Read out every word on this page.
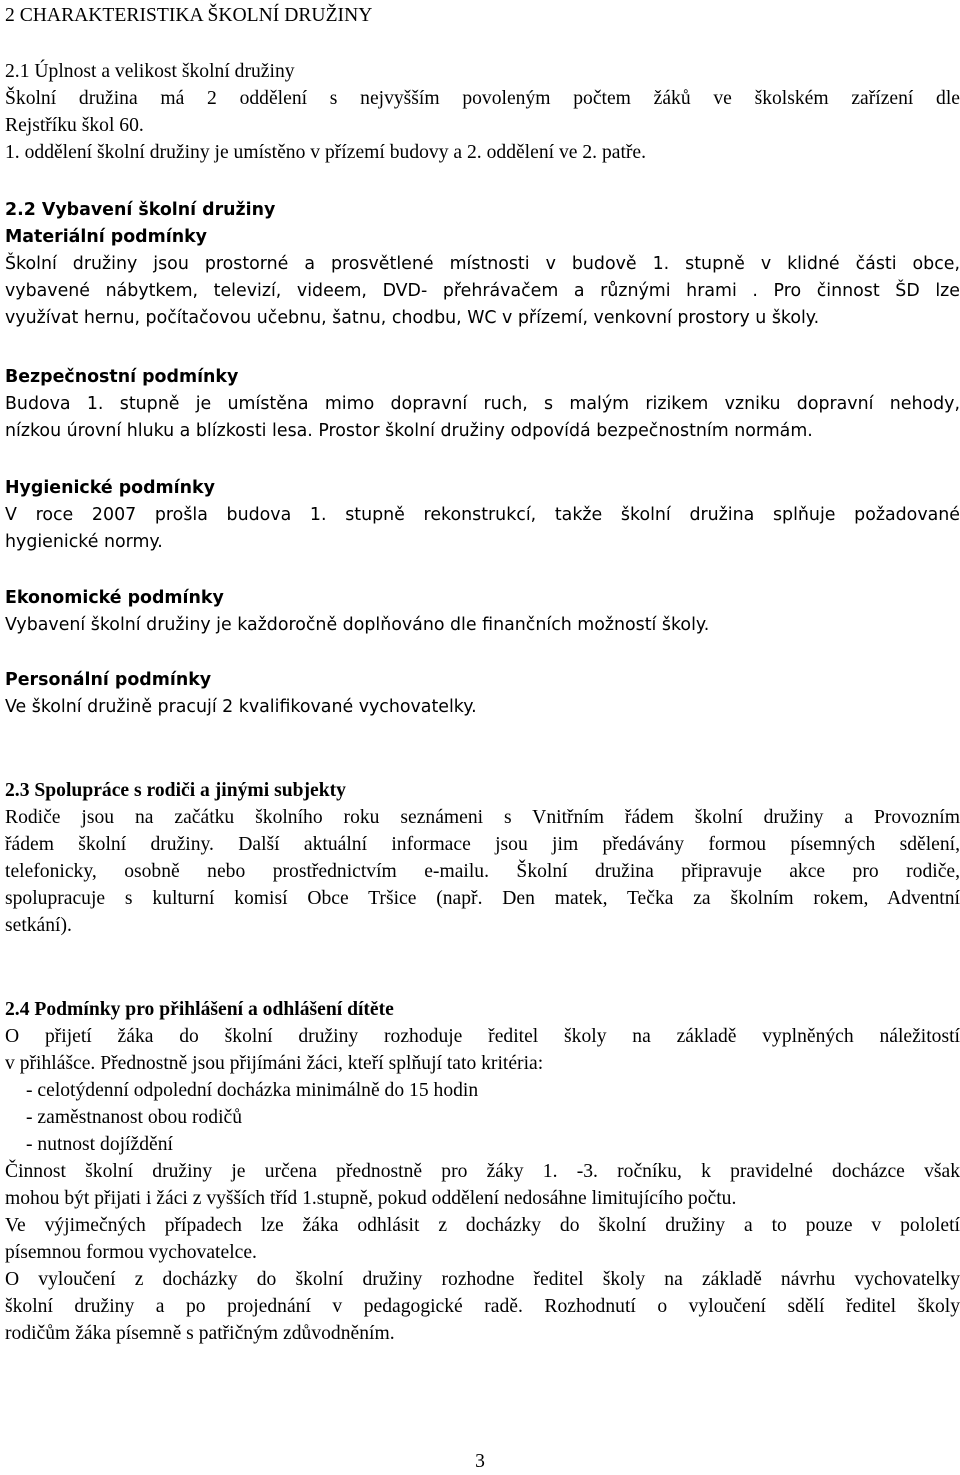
2 CHARAKTERISTIKA ŠKOLNÍ DRUŽINY
2.1 Úplnost a velikost školní družiny
Školní družina má 2 oddělení s nejvyšším povoleným počtem žáků ve školském zařízení dle
Rejstříku škol 60.
1. oddělení školní družiny je umístěno v přízemí budovy a 2. oddělení ve 2. patře.
2.2 Vybavení školní družiny
Materiální podmínky
Školní družiny jsou prostorné a prosvětlené místnosti v budově 1. stupně v klidné části obce,
vybavené nábytkem, televizí, videem, DVD- přehrávačem a různými hrami . Pro činnost ŠD lze
využívat hernu, počítačovou učebnu, šatnu, chodbu, WC v přízemí, venkovní prostory u školy.
Bezpečnostní podmínky
Budova 1. stupně je umístěna mimo dopravní ruch, s malým rizikem vzniku dopravní nehody,
nízkou úrovní hluku a blízkosti lesa. Prostor školní družiny odpovídá bezpečnostním normám.
Hygienické podmínky
V roce 2007 prošla budova 1. stupně rekonstrukcí, takže školní družina splňuje požadované
hygienické normy.
Ekonomické podmínky
Vybavení školní družiny je každoročně doplňováno dle finančních možností školy.
Personální podmínky
Ve školní družině pracují 2 kvalifikované vychovatelky.
2.3 Spolupráce s rodiči a jinými subjekty
Rodiče jsou na začátku školního roku seznámeni s Vnitřním řádem školní družiny a Provozním
řádem školní družiny. Další aktuální informace jsou jim předávány formou písemných sdělení,
telefonicky, osobně nebo prostřednictvím e-mailu. Školní družina připravuje akce pro rodiče,
spolupracuje s kulturní komisí Obce Tršice (např. Den matek, Tečka za školním rokem, Adventní
setkání).
2.4 Podmínky pro přihlášení a odhlášení dítěte
O přijetí žáka do školní družiny rozhoduje ředitel školy na základě vyplněných náležitostí
v přihlášce. Přednostně jsou přijímáni žáci, kteří splňují tato kritéria:
- celotýdenní odpolední docházka minimálně do 15 hodin
- zaměstnanost obou rodičů
- nutnost dojíždění
Činnost školní družiny je určena přednostně pro žáky 1. -3. ročníku, k pravidelné docházce však
mohou být přijati i žáci z vyšších tříd 1.stupně, pokud oddělení nedosáhne limitujícího počtu.
Ve výjimečných případech lze žáka odhlásit z docházky do školní družiny a to pouze v pololetí
písemnou formou vychovatelce.
O vyloučení z docházky do školní družiny rozhodne ředitel školy na základě návrhu vychovatelky
školní družiny a po projednání v pedagogické radě. Rozhodnutí o vyloučení sdělí ředitel školy
rodičům žáka písemně s patřičným zdůvodněním.
3
